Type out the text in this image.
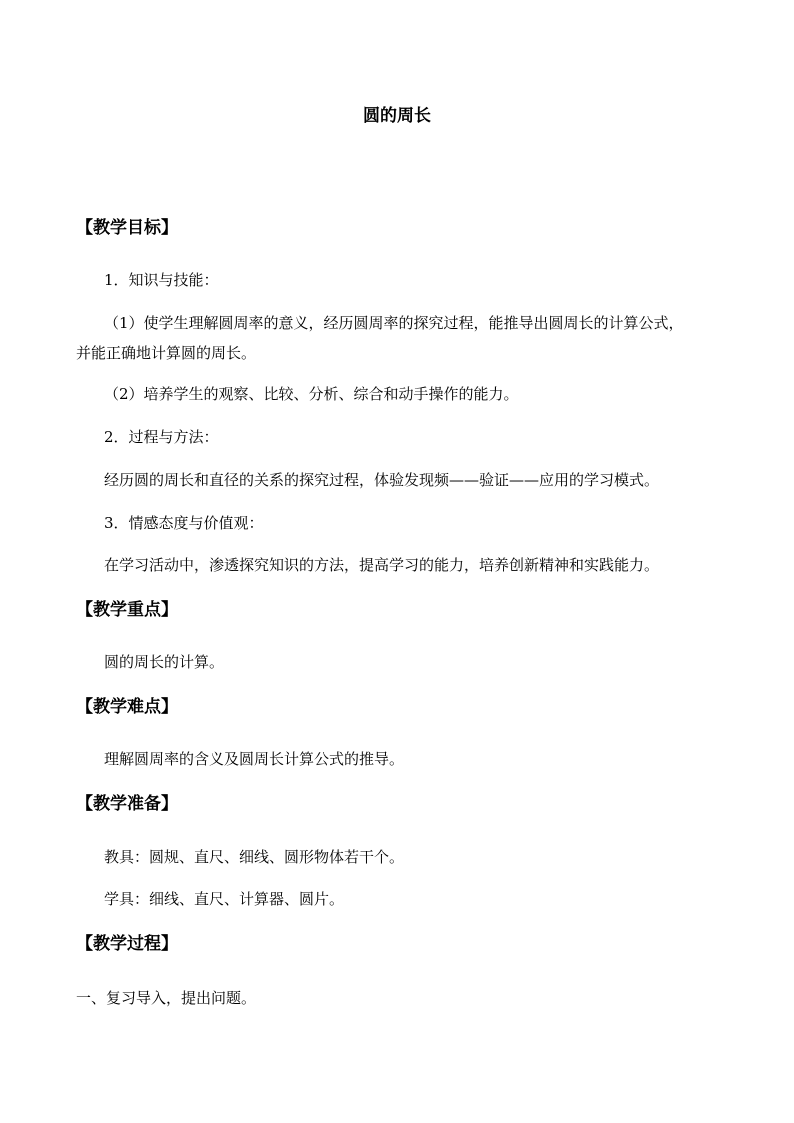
圆的周长
【教学目标】
1．知识与技能：
（1）使学生理解圆周率的意义，经历圆周率的探究过程，能推导出圆周长的计算公式，
并能正确地计算圆的周长。
（2）培养学生的观察、比较、分析、综合和动手操作的能力。
2．过程与方法：
经历圆的周长和直径的关系的探究过程，体验发现频——验证——应用的学习模式。
3．情感态度与价值观：
在学习活动中，渗透探究知识的方法，提高学习的能力，培养创新精神和实践能力。
【教学重点】
圆的周长的计算。
【教学难点】
理解圆周率的含义及圆周长计算公式的推导。
【教学准备】
教具：圆规、直尺、细线、圆形物体若干个。
学具：细线、直尺、计算器、圆片。
【教学过程】
一、复习导入，提出问题。
